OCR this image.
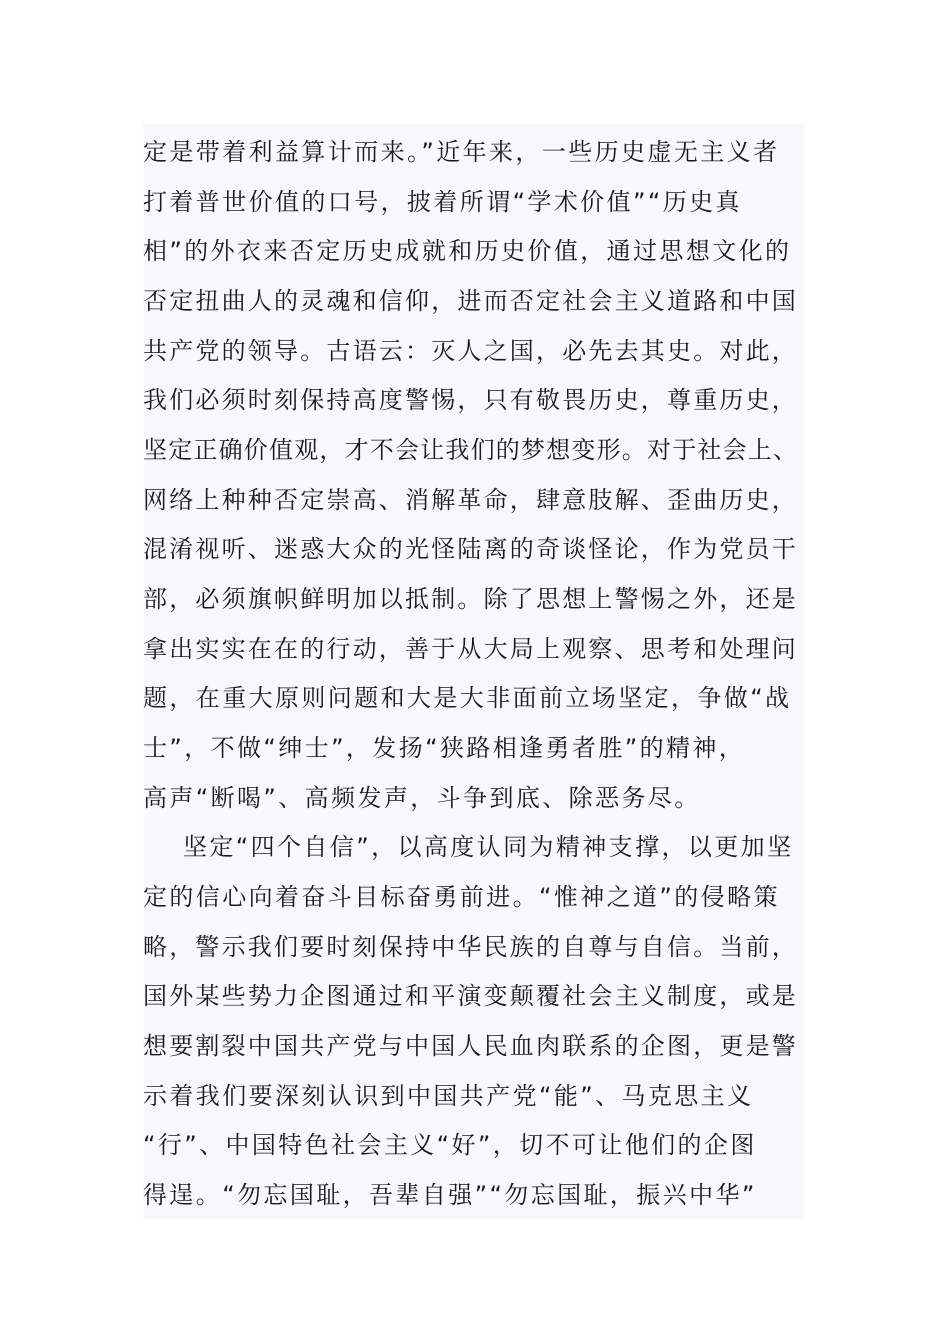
定是带着利益算计而来。”近年来，一些历史虚无主义者
打着普世价值的口号，披着所谓“学术价值”“历史真
相”的外衣来否定历史成就和历史价值，通过思想文化的
否定扭曲人的灵魂和信仰，进而否定社会主义道路和中国
共产党的领导。古语云：灭人之国，必先去其史。对此，
我们必须时刻保持高度警惕，只有敬畏历史，尊重历史，
坚定正确价值观，才不会让我们的梦想变形。对于社会上、
网络上种种否定崇高、消解革命，肆意肢解、歪曲历史，
混淆视听、迷惑大众的光怪陆离的奇谈怪论，作为党员干
部，必须旗帜鲜明加以抵制。除了思想上警惕之外，还是
拿出实实在在的行动，善于从大局上观察、思考和处理问
题，在重大原则问题和大是大非面前立场坚定，争做“战
士”，不做“绅士”，发扬“狭路相逢勇者胜”的精神，
高声“断喝”、高频发声，斗争到底、除恶务尽。
坚定“四个自信”，以高度认同为精神支撑，以更加坚
定的信心向着奋斗目标奋勇前进。“惟神之道”的侵略策
略，警示我们要时刻保持中华民族的自尊与自信。当前，
国外某些势力企图通过和平演变颠覆社会主义制度，或是
想要割裂中国共产党与中国人民血肉联系的企图，更是警
示着我们要深刻认识到中国共产党“能”、马克思主义
“行”、中国特色社会主义“好”，切不可让他们的企图
得逞。“勿忘国耻，吾辈自强”“勿忘国耻，振兴中华”
